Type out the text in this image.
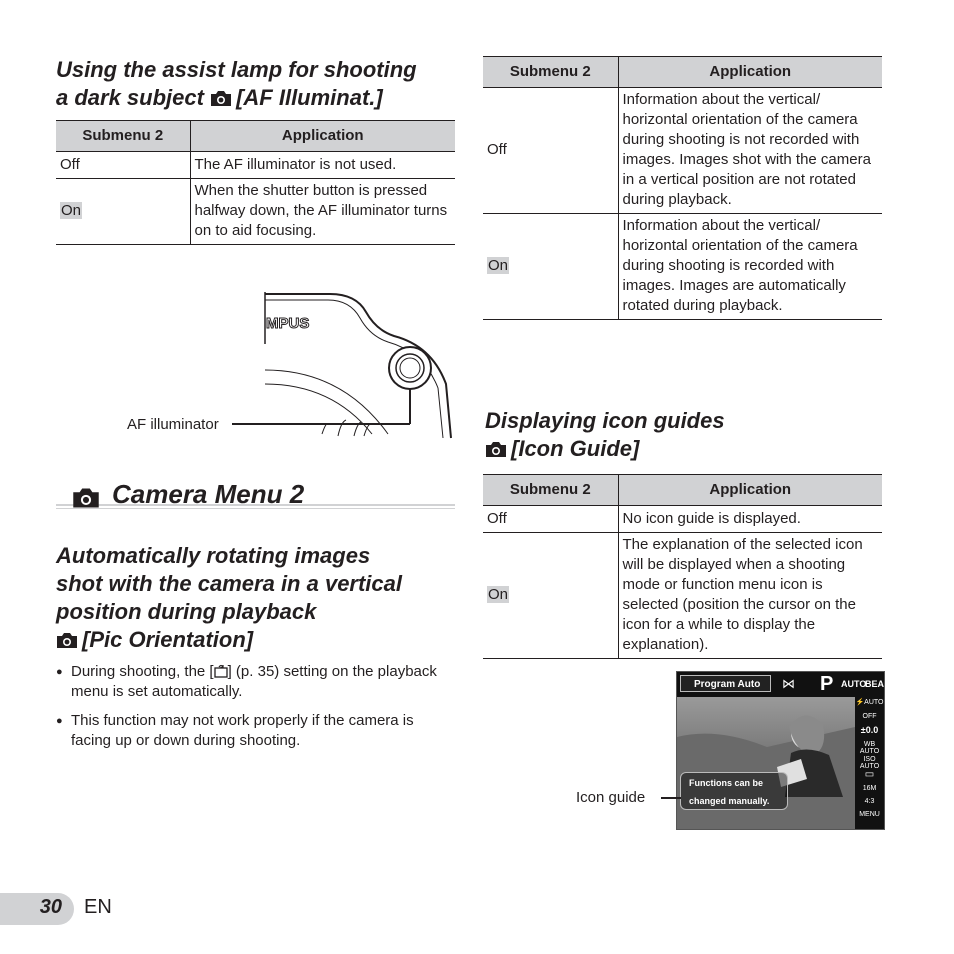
Using the assist lamp for shooting
a dark subject [AF Illuminat.]
Submenu 2	Application
Off	The AF illuminator is not used.
On	When the shutter button is pressed halfway down, the AF illuminator turns on to aid focusing.
MPUS
AF illuminator
Camera Menu 2
Automatically rotating images
shot with the camera in a vertical
position during playback
[Pic Orientation]
● During shooting, the [ ] (p. 35) setting on the playback menu is set automatically.
● This function may not work properly if the camera is facing up or down during shooting.
Submenu 2	Application
Off	Information about the vertical/ horizontal orientation of the camera during shooting is not recorded with images. Images shot with the camera in a vertical position are not rotated during playback.
On	Information about the vertical/ horizontal orientation of the camera during shooting is recorded with images. Images are automatically rotated during playback.
Displaying icon guides
[Icon Guide]
Submenu 2	Application
Off	No icon guide is displayed.
On	The explanation of the selected icon will be displayed when a shooting mode or function menu icon is selected (position the cursor on the icon for a while to display the explanation).
Program Auto	⋈ P AUTO
BEA
⚡AUTO
OFF
±0.0
WB AUTO
ISO AUTO
▭
16M
4:3
MENU
Functions can be
changed manually.
Icon guide
30 EN
